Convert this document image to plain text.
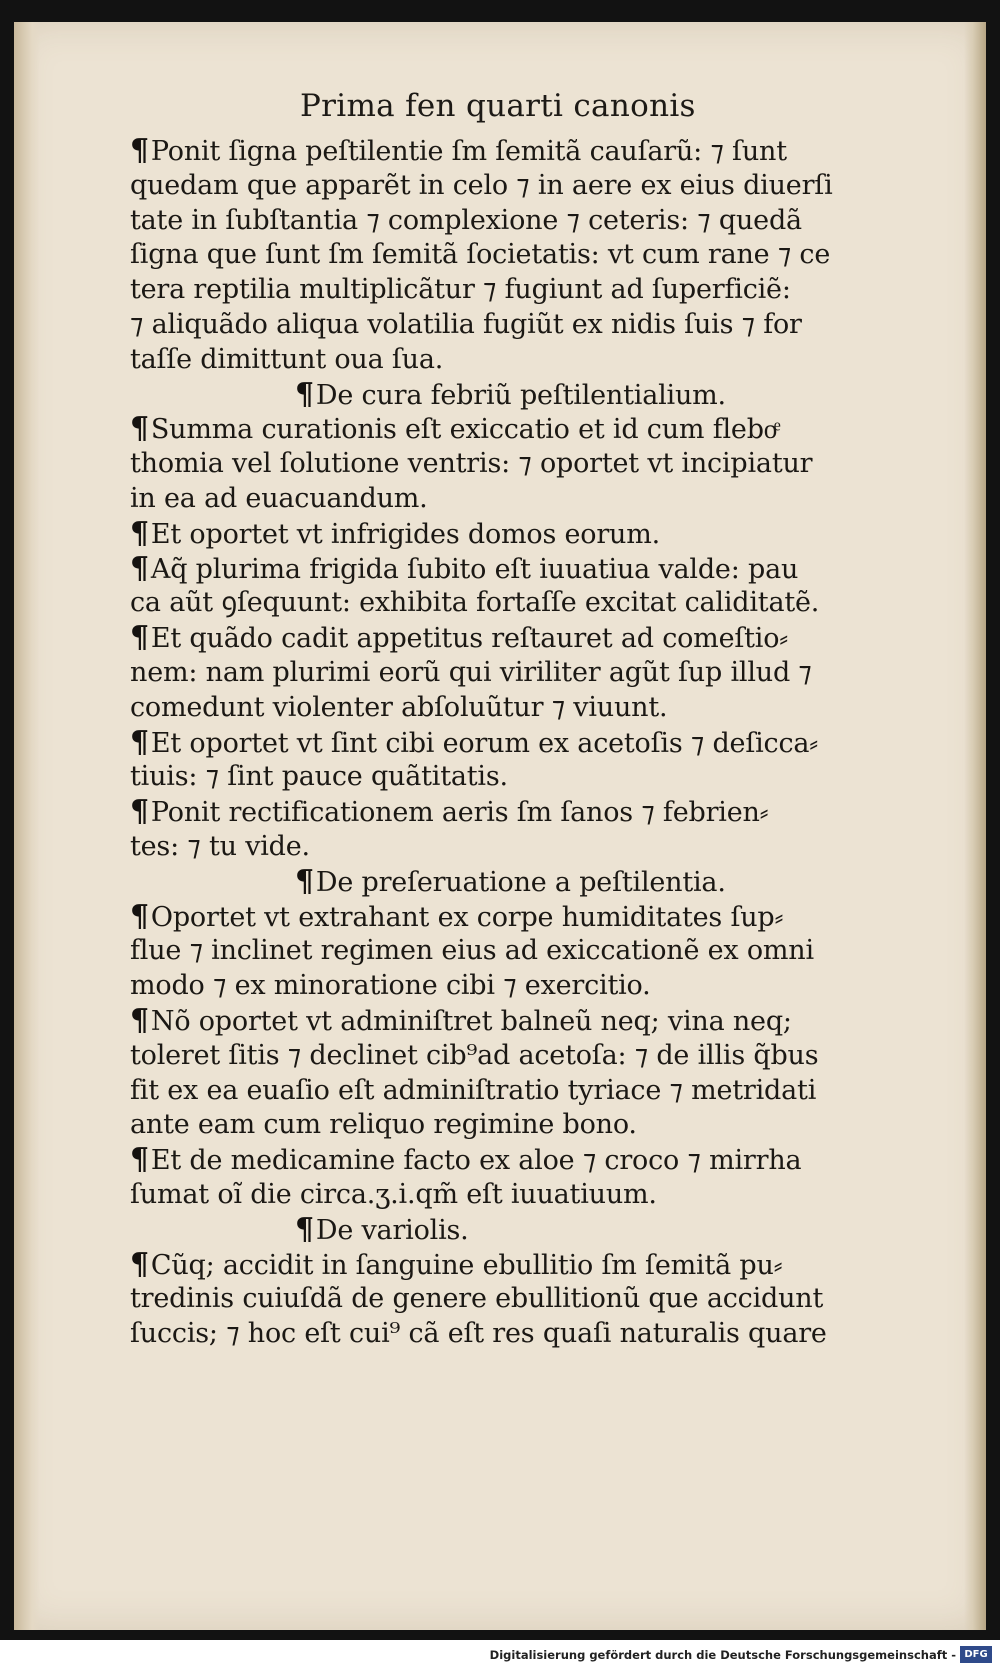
Prima fen quarti canonis
¶Ponit ſigna peſtilentie ſm ſemitã cauſarũ: ⁊ ſunt
quedam que apparẽt in celo ⁊ in aere ex eius diuerſi
tate in ſubſtantia ⁊ complexione ⁊ ceteris: ⁊ quedã
ſigna que ſunt ſm ſemitã ſocietatis: vt cum rane ⁊ ce
tera reptilia multiplicãtur ⁊ fugiunt ad ſuperficiẽ:
⁊ aliquãdo aliqua volatilia fugiũt ex nidis ſuis ⁊ for
taſſe dimittunt oua ſua.
¶De cura febriũ peſtilentialium.
¶Summa curationis eſt exiccatio et id cum fleboͤ
thomia vel ſolutione ventris: ⁊ oportet vt incipiatur
in ea ad euacuandum.
¶Et oportet vt infrigides domos eorum.
¶Aq̃ plurima frigida ſubito eſt iuuatiua valde: pau
ca aũt ꝯſequunt: exhibita fortaſſe excitat caliditatẽ.
¶Et quãdo cadit appetitus reſtauret ad comeſtio⸗
nem: nam plurimi eorũ qui viriliter agũt ſup illud ⁊
comedunt violenter abſoluũtur ⁊ viuunt.
¶Et oportet vt ſint cibi eorum ex acetoſis ⁊ deſicca⸗
tiuis: ⁊ ſint pauce quãtitatis.
¶Ponit rectificationem aeris ſm ſanos ⁊ febrien⸗
tes: ⁊ tu vide.
¶De preſeruatione a peſtilentia.
¶Oportet vt extrahant ex corpe humiditates ſup⸗
flue ⁊ inclinet regimen eius ad exiccationẽ ex omni
modo ⁊ ex minoratione cibi ⁊ exercitio.
¶Nõ oportet vt adminiſtret balneũ neq; vina neq;
toleret ſitis ⁊ declinet cib⁹ad acetoſa: ⁊ de illis q̃bus
fit ex ea euaſio eſt adminiſtratio tyriace ⁊ metridati
ante eam cum reliquo regimine bono.
¶Et de medicamine facto ex aloe ⁊ croco ⁊ mirrha
ſumat oĩ die circa.ʒ.i.qm̃ eſt iuuatiuum.
¶De variolis.
¶Cũq; accidit in ſanguine ebullitio ſm ſemitã pu⸗
tredinis cuiuſdã de genere ebullitionũ que accidunt
ſuccis; ⁊ hoc eſt cui⁹ cã eſt res quaſi naturalis quare
Digitalisierung gefördert durch die Deutsche Forschungsgemeinschaft - DFG
